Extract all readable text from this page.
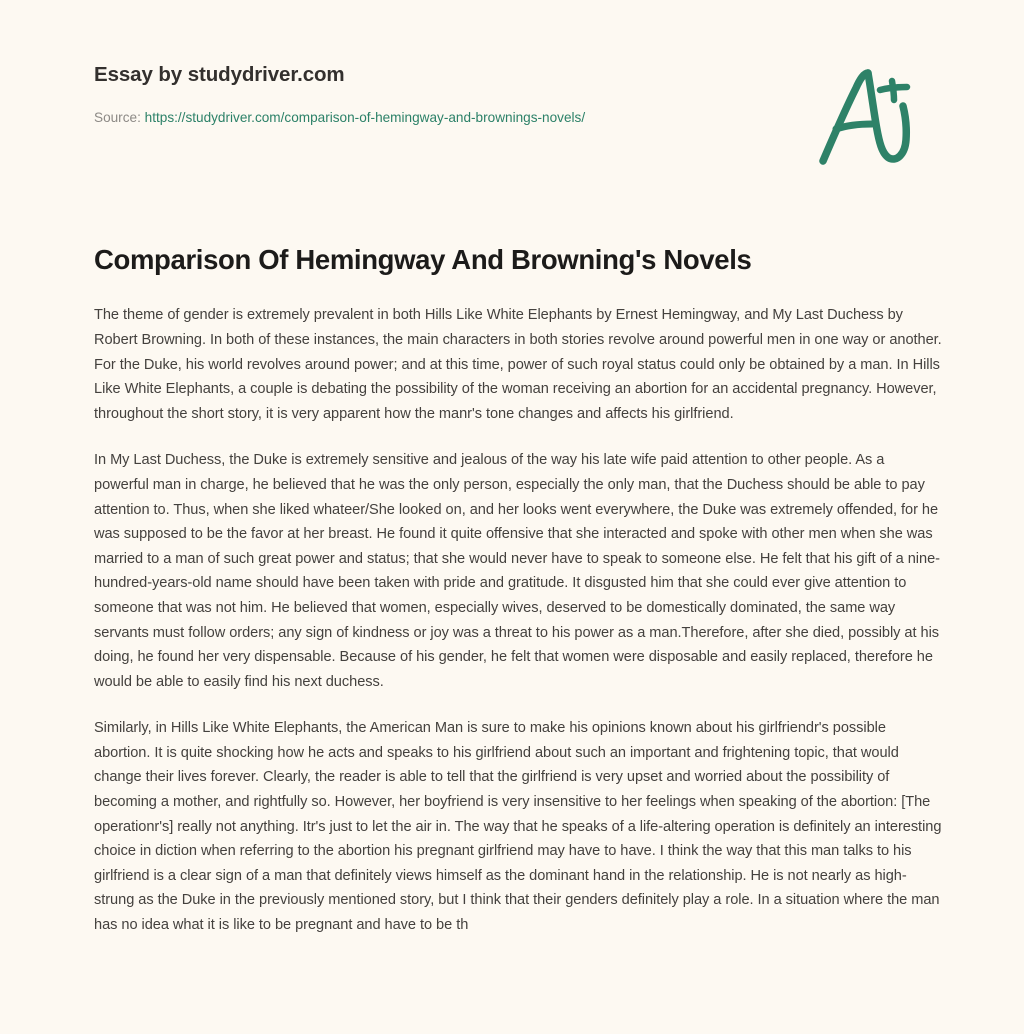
Essay by studydriver.com
Source: https://studydriver.com/comparison-of-hemingway-and-brownings-novels/
Comparison Of Hemingway And Browning's Novels

The theme of gender is extremely prevalent in both Hills Like White Elephants by Ernest Hemingway, and My Last Duchess by Robert Browning. In both of these instances, the main characters in both stories revolve around powerful men in one way or another. For the Duke, his world revolves around power; and at this time, power of such royal status could only be obtained by a man. In Hills Like White Elephants, a couple is debating the possibility of the woman receiving an abortion for an accidental pregnancy. However, throughout the short story, it is very apparent how the manr's tone changes and affects his girlfriend.

In My Last Duchess, the Duke is extremely sensitive and jealous of the way his late wife paid attention to other people. As a powerful man in charge, he believed that he was the only person, especially the only man, that the Duchess should be able to pay attention to. Thus, when she liked whateer/She looked on, and her looks went everywhere, the Duke was extremely offended, for he was supposed to be the favor at her breast. He found it quite offensive that she interacted and spoke with other men when she was married to a man of such great power and status; that she would never have to speak to someone else. He felt that his gift of a nine-hundred-years-old name should have been taken with pride and gratitude. It disgusted him that she could ever give attention to someone that was not him. He believed that women, especially wives, deserved to be domestically dominated, the same way servants must follow orders; any sign of kindness or joy was a threat to his power as a man.Therefore, after she died, possibly at his doing, he found her very dispensable. Because of his gender, he felt that women were disposable and easily replaced, therefore he would be able to easily find his next duchess.

Similarly, in Hills Like White Elephants, the American Man is sure to make his opinions known about his girlfriendr's possible abortion. It is quite shocking how he acts and speaks to his girlfriend about such an important and frightening topic, that would change their lives forever. Clearly, the reader is able to tell that the girlfriend is very upset and worried about the possibility of becoming a mother, and rightfully so. However, her boyfriend is very insensitive to her feelings when speaking of the abortion: [The operationr's] really not anything. Itr's just to let the air in. The way that he speaks of a life-altering operation is definitely an interesting choice in diction when referring to the abortion his pregnant girlfriend may have to have. I think the way that this man talks to his girlfriend is a clear sign of a man that definitely views himself as the dominant hand in the relationship. He is not nearly as high-strung as the Duke in the previously mentioned story, but I think that their genders definitely play a role. In a situation where the man has no idea what it is like to be pregnant and have to be th
